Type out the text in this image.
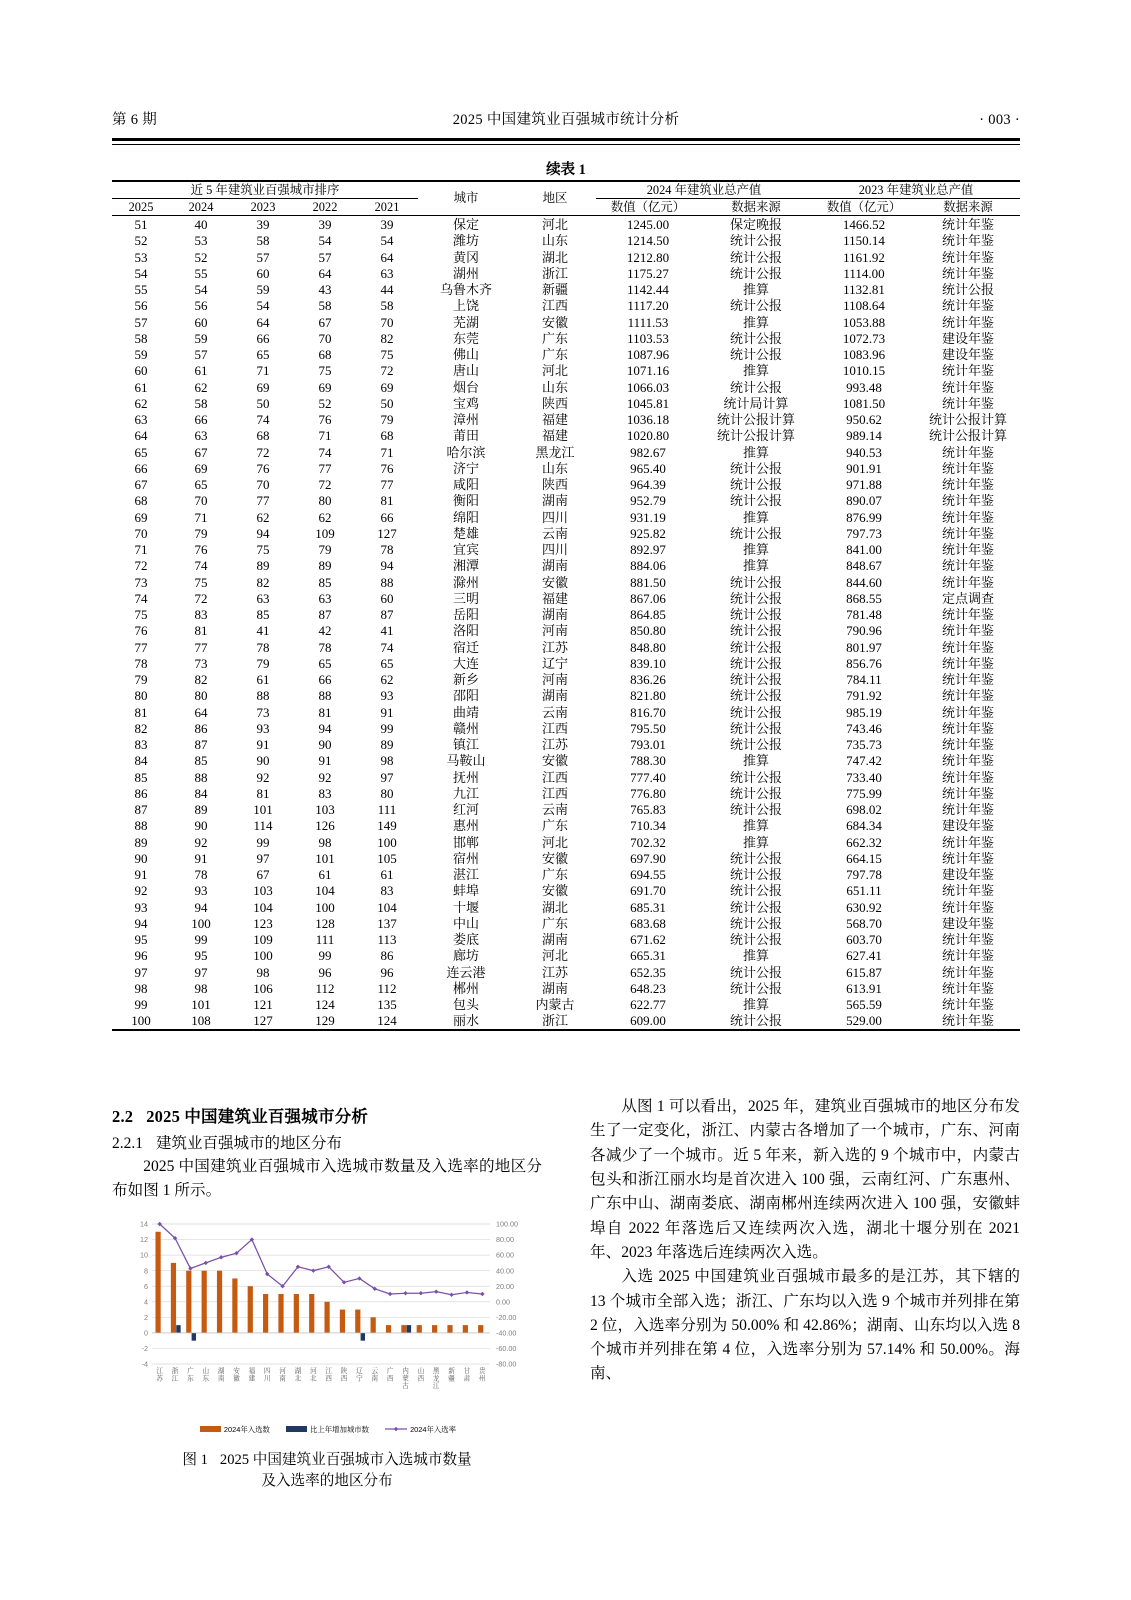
第 6 期	2025 中国建筑业百强城市统计分析	· 003 ·
续表 1
近 5 年建筑业百强城市排序					城市	地区	2024 年建筑业总产值		2023 年建筑业总产值	
2025	2024	2023	2022	2021			数值（亿元）	数据来源	数值（亿元）	数据来源
51	40	39	39	39	保定	河北	1245.00	保定晚报	1466.52	统计年鉴
52	53	58	54	54	潍坊	山东	1214.50	统计公报	1150.14	统计年鉴
53	52	57	57	64	黄冈	湖北	1212.80	统计公报	1161.92	统计年鉴
54	55	60	64	63	湖州	浙江	1175.27	统计公报	1114.00	统计年鉴
55	54	59	43	44	乌鲁木齐	新疆	1142.44	推算	1132.81	统计公报
56	56	54	58	58	上饶	江西	1117.20	统计公报	1108.64	统计年鉴
57	60	64	67	70	芜湖	安徽	1111.53	推算	1053.88	统计年鉴
58	59	66	70	82	东莞	广东	1103.53	统计公报	1072.73	建设年鉴
59	57	65	68	75	佛山	广东	1087.96	统计公报	1083.96	建设年鉴
60	61	71	75	72	唐山	河北	1071.16	推算	1010.15	统计年鉴
61	62	69	69	69	烟台	山东	1066.03	统计公报	993.48	统计年鉴
62	58	50	52	50	宝鸡	陕西	1045.81	统计局计算	1081.50	统计年鉴
63	66	74	76	79	漳州	福建	1036.18	统计公报计算	950.62	统计公报计算
64	63	68	71	68	莆田	福建	1020.80	统计公报计算	989.14	统计公报计算
65	67	72	74	71	哈尔滨	黑龙江	982.67	推算	940.53	统计年鉴
66	69	76	77	76	济宁	山东	965.40	统计公报	901.91	统计年鉴
67	65	70	72	77	咸阳	陕西	964.39	统计公报	971.88	统计年鉴
68	70	77	80	81	衡阳	湖南	952.79	统计公报	890.07	统计年鉴
69	71	62	62	66	绵阳	四川	931.19	推算	876.99	统计年鉴
70	79	94	109	127	楚雄	云南	925.82	统计公报	797.73	统计年鉴
71	76	75	79	78	宜宾	四川	892.97	推算	841.00	统计年鉴
72	74	89	89	94	湘潭	湖南	884.06	推算	848.67	统计年鉴
73	75	82	85	88	滁州	安徽	881.50	统计公报	844.60	统计年鉴
74	72	63	63	60	三明	福建	867.06	统计公报	868.55	定点调查
75	83	85	87	87	岳阳	湖南	864.85	统计公报	781.48	统计年鉴
76	81	41	42	41	洛阳	河南	850.80	统计公报	790.96	统计年鉴
77	77	78	78	74	宿迁	江苏	848.80	统计公报	801.97	统计年鉴
78	73	79	65	65	大连	辽宁	839.10	统计公报	856.76	统计年鉴
79	82	61	66	62	新乡	河南	836.26	统计公报	784.11	统计年鉴
80	80	88	88	93	邵阳	湖南	821.80	统计公报	791.92	统计年鉴
81	64	73	81	91	曲靖	云南	816.70	统计公报	985.19	统计年鉴
82	86	93	94	99	赣州	江西	795.50	统计公报	743.46	统计年鉴
83	87	91	90	89	镇江	江苏	793.01	统计公报	735.73	统计年鉴
84	85	90	91	98	马鞍山	安徽	788.30	推算	747.42	统计年鉴
85	88	92	92	97	抚州	江西	777.40	统计公报	733.40	统计年鉴
86	84	81	83	80	九江	江西	776.80	统计公报	775.99	统计年鉴
87	89	101	103	111	红河	云南	765.83	统计公报	698.02	统计年鉴
88	90	114	126	149	惠州	广东	710.34	推算	684.34	建设年鉴
89	92	99	98	100	邯郸	河北	702.32	推算	662.32	统计年鉴
90	91	97	101	105	宿州	安徽	697.90	统计公报	664.15	统计年鉴
91	78	67	61	61	湛江	广东	694.55	统计公报	797.78	建设年鉴
92	93	103	104	83	蚌埠	安徽	691.70	统计公报	651.11	统计年鉴
93	94	104	100	104	十堰	湖北	685.31	统计公报	630.92	统计年鉴
94	100	123	128	137	中山	广东	683.68	统计公报	568.70	建设年鉴
95	99	109	111	113	娄底	湖南	671.62	统计公报	603.70	统计年鉴
96	95	100	99	86	廊坊	河北	665.31	推算	627.41	统计年鉴
97	97	98	96	96	连云港	江苏	652.35	统计公报	615.87	统计年鉴
98	98	106	112	112	郴州	湖南	648.23	统计公报	613.91	统计年鉴
99	101	121	124	135	包头	内蒙古	622.77	推算	565.59	统计年鉴
100	108	127	129	124	丽水	浙江	609.00	统计公报	529.00	统计年鉴
2.2 2025 中国建筑业百强城市分析
2.2.1 建筑业百强城市的地区分布

2025 中国建筑业百强城市入选城市数量及入选率的地区分布如图 1 所示。

-4	-80.00
-2	-60.00
0	-40.00
2	-20.00
4	0.00
6	20.00
8	40.00
10	60.00
12	80.00
14	100.00
江
苏
浙
江
广
东
山
东
湖
南
安
徽
福
建
四
川
河
南
湖
北
河
北
江
西
陕
西
辽
宁
云
南
广
西
内
蒙
古
山
西
黑
龙
江
新
疆
甘
肃
贵
州
2024年入选数	比上年增加城市数	2024年入选率
图 1 2025 中国建筑业百强城市入选城市数量
及入选率的地区分布

从图 1 可以看出，2025 年，建筑业百强城市的地区分布发生了一定变化，浙江、内蒙古各增加了一个城市，广东、河南各减少了一个城市。近 5 年来，新入选的 9 个城市中，内蒙古包头和浙江丽水均是首次进入 100 强，云南红河、广东惠州、广东中山、湖南娄底、湖南郴州连续两次进入 100 强，安徽蚌埠自 2022 年落选后又连续两次入选，湖北十堰分别在 2021 年、2023 年落选后连续两次入选。

入选 2025 中国建筑业百强城市最多的是江苏，其下辖的 13 个城市全部入选；浙江、广东均以入选 9 个城市并列排在第 2 位，入选率分别为 50.00% 和 42.86%；湖南、山东均以入选 8 个城市并列排在第 4 位，入选率分别为 57.14% 和 50.00%。海南、
